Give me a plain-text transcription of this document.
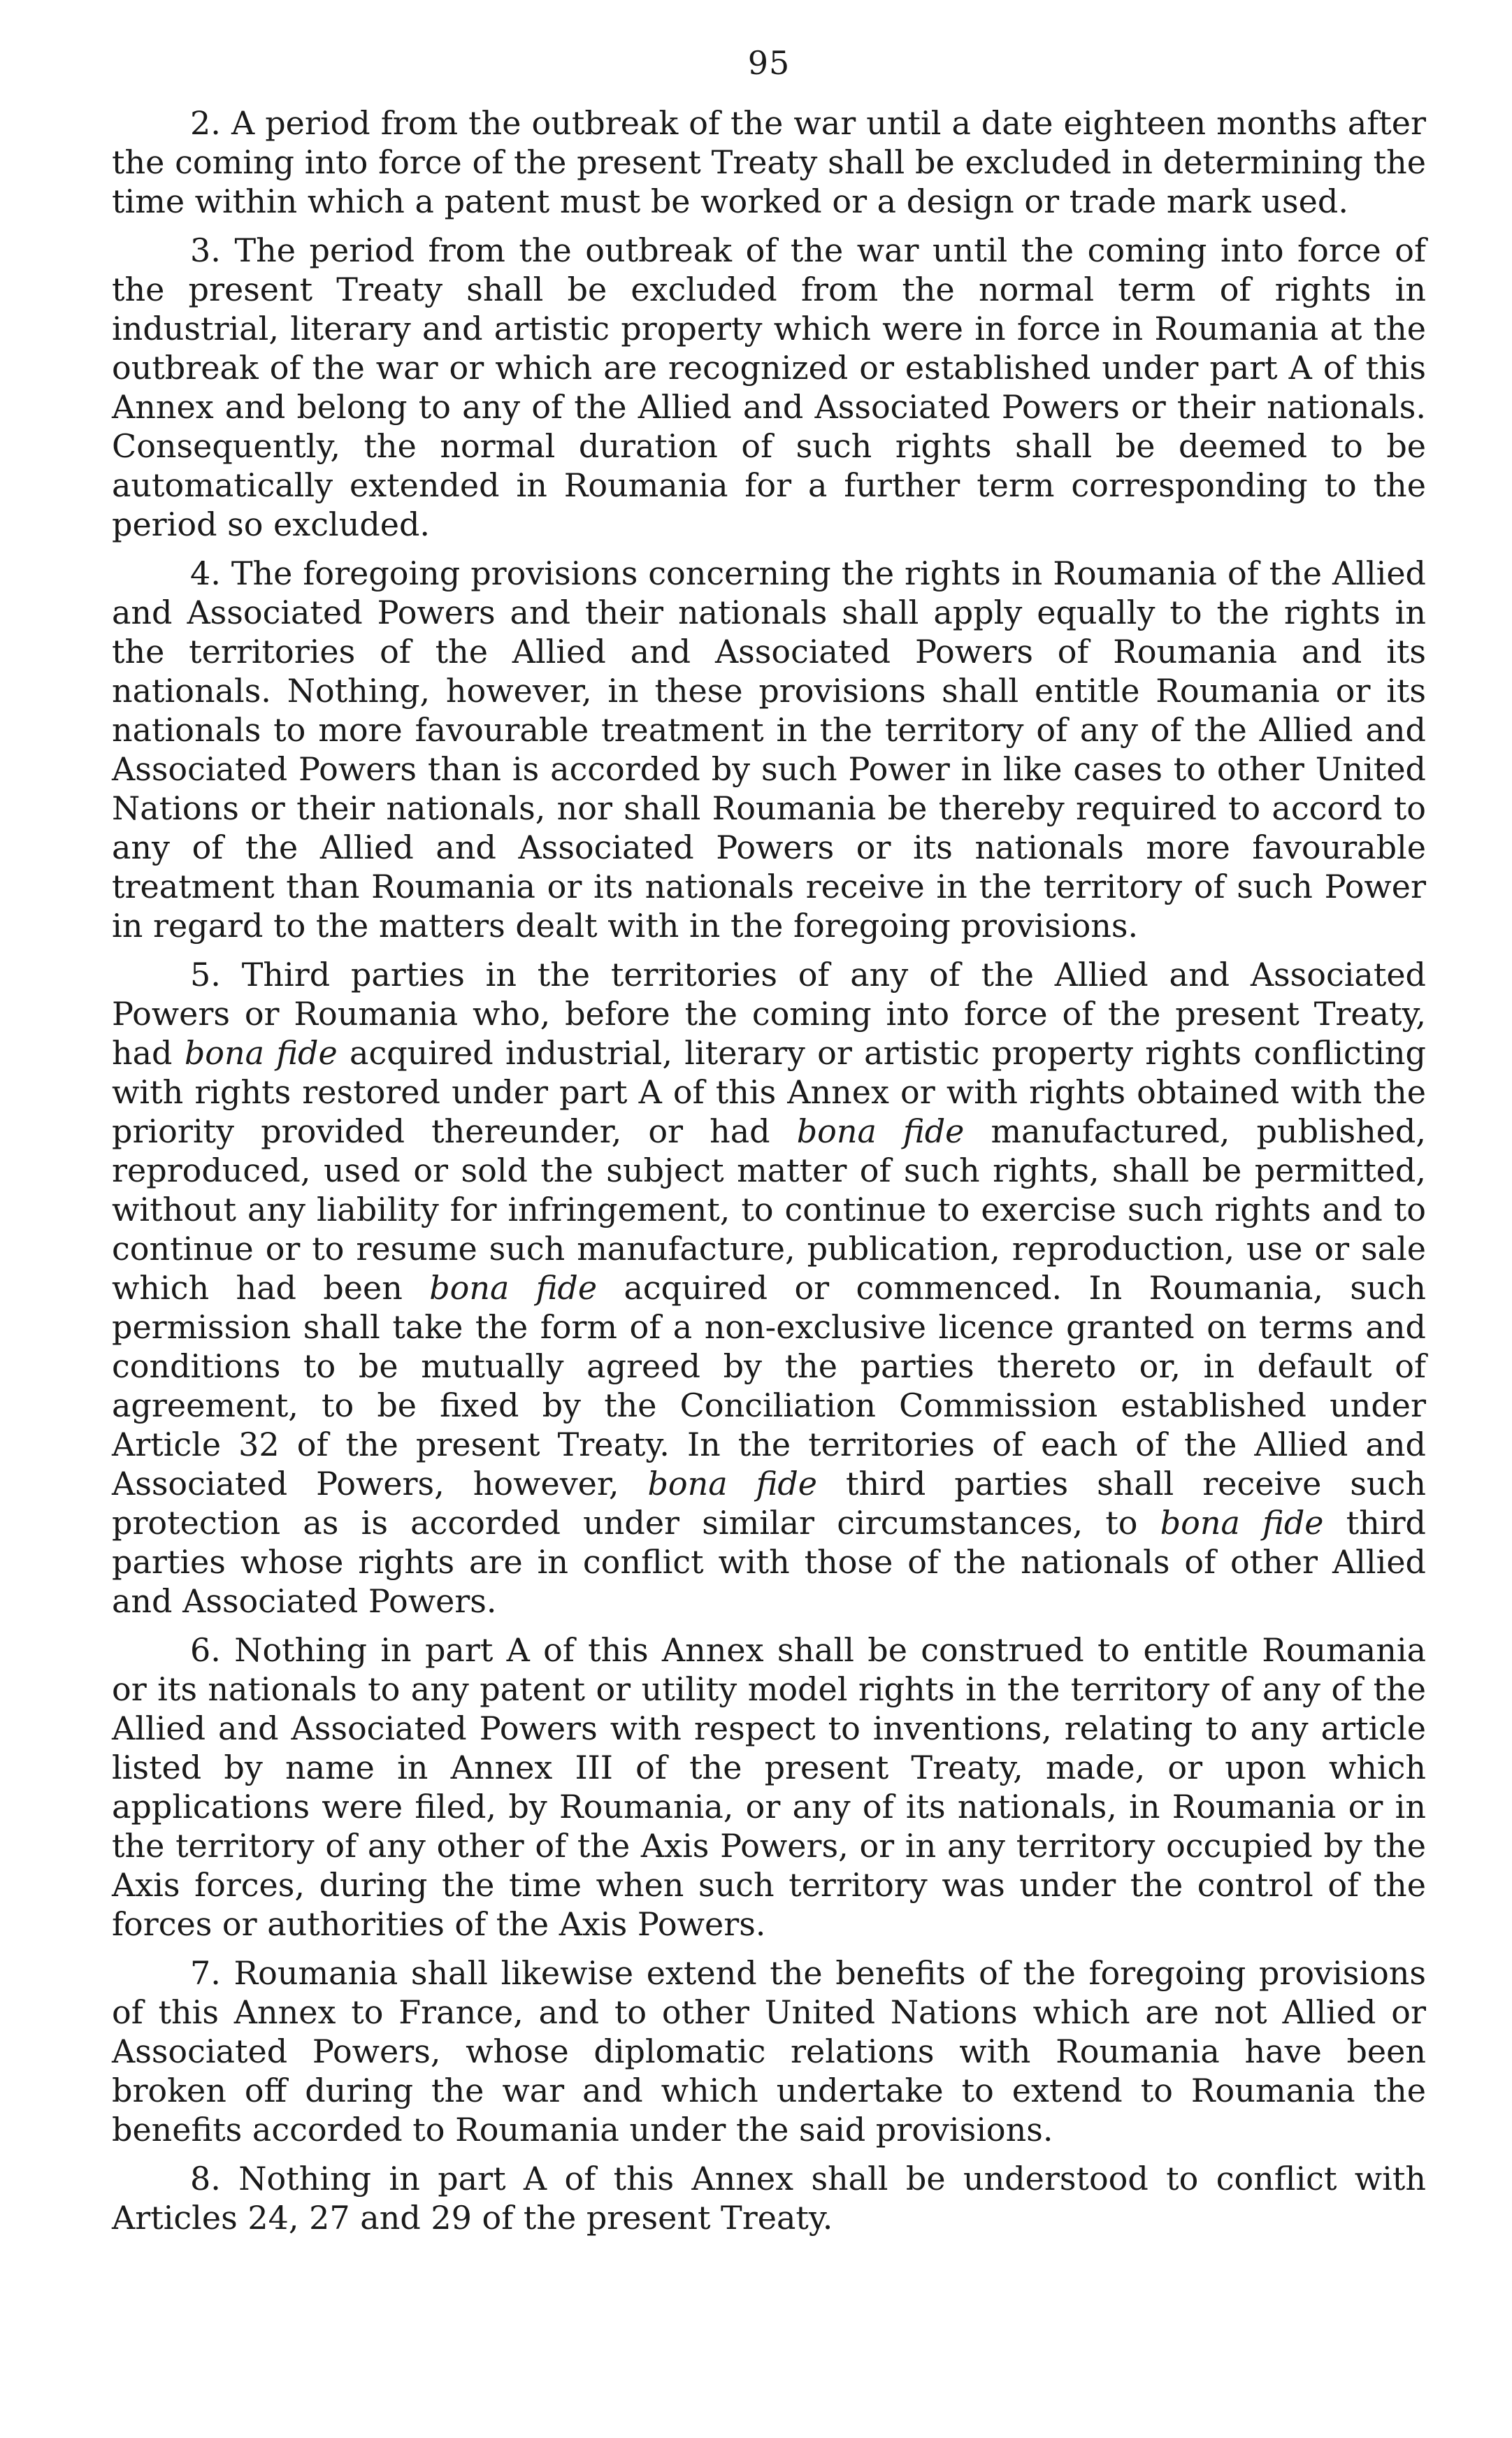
95

2. A period from the outbreak of the war until a date eighteen months after the coming into force of the present Treaty shall be excluded in determining the time within which a patent must be worked or a design or trade mark used.

3. The period from the outbreak of the war until the coming into force of the present Treaty shall be excluded from the normal term of rights in industrial, literary and artistic property which were in force in Roumania at the outbreak of the war or which are recognized or established under part A of this Annex and belong to any of the Allied and Associated Powers or their nationals. Consequently, the normal duration of such rights shall be deemed to be automatically extended in Roumania for a further term corresponding to the period so excluded.

4. The foregoing provisions concerning the rights in Roumania of the Allied and Associated Powers and their nationals shall apply equally to the rights in the territories of the Allied and Associated Powers of Roumania and its nationals. Nothing, however, in these provisions shall entitle Roumania or its nationals to more favourable treatment in the territory of any of the Allied and Associated Powers than is accorded by such Power in like cases to other United Nations or their nationals, nor shall Roumania be thereby required to accord to any of the Allied and Associated Powers or its nationals more favourable treatment than Roumania or its nationals receive in the territory of such Power in regard to the matters dealt with in the foregoing provisions.

5. Third parties in the territories of any of the Allied and Associated Powers or Roumania who, before the coming into force of the present Treaty, had bona fide acquired industrial, literary or artistic property rights conflicting with rights restored under part A of this Annex or with rights obtained with the priority provided thereunder, or had bona fide manufactured, published, reproduced, used or sold the subject matter of such rights, shall be permitted, without any liability for infringement, to continue to exercise such rights and to continue or to resume such manufacture, publication, reproduction, use or sale which had been bona fide acquired or commenced. In Roumania, such permission shall take the form of a non-exclusive licence granted on terms and conditions to be mutually agreed by the parties thereto or, in default of agreement, to be fixed by the Conciliation Commission established under Article 32 of the present Treaty. In the territories of each of the Allied and Associated Powers, however, bona fide third parties shall receive such protection as is accorded under similar circumstances, to bona fide third parties whose rights are in conflict with those of the nationals of other Allied and Associated Powers.

6. Nothing in part A of this Annex shall be construed to entitle Roumania or its nationals to any patent or utility model rights in the territory of any of the Allied and Associated Powers with respect to inventions, relating to any article listed by name in Annex III of the present Treaty, made, or upon which applications were filed, by Roumania, or any of its nationals, in Roumania or in the territory of any other of the Axis Powers, or in any territory occupied by the Axis forces, during the time when such territory was under the control of the forces or authorities of the Axis Powers.

7. Roumania shall likewise extend the benefits of the foregoing provisions of this Annex to France, and to other United Nations which are not Allied or Associated Powers, whose diplomatic relations with Roumania have been broken off during the war and which undertake to extend to Roumania the benefits accorded to Roumania under the said provisions.

8. Nothing in part A of this Annex shall be understood to conflict with Articles 24, 27 and 29 of the present Treaty.
